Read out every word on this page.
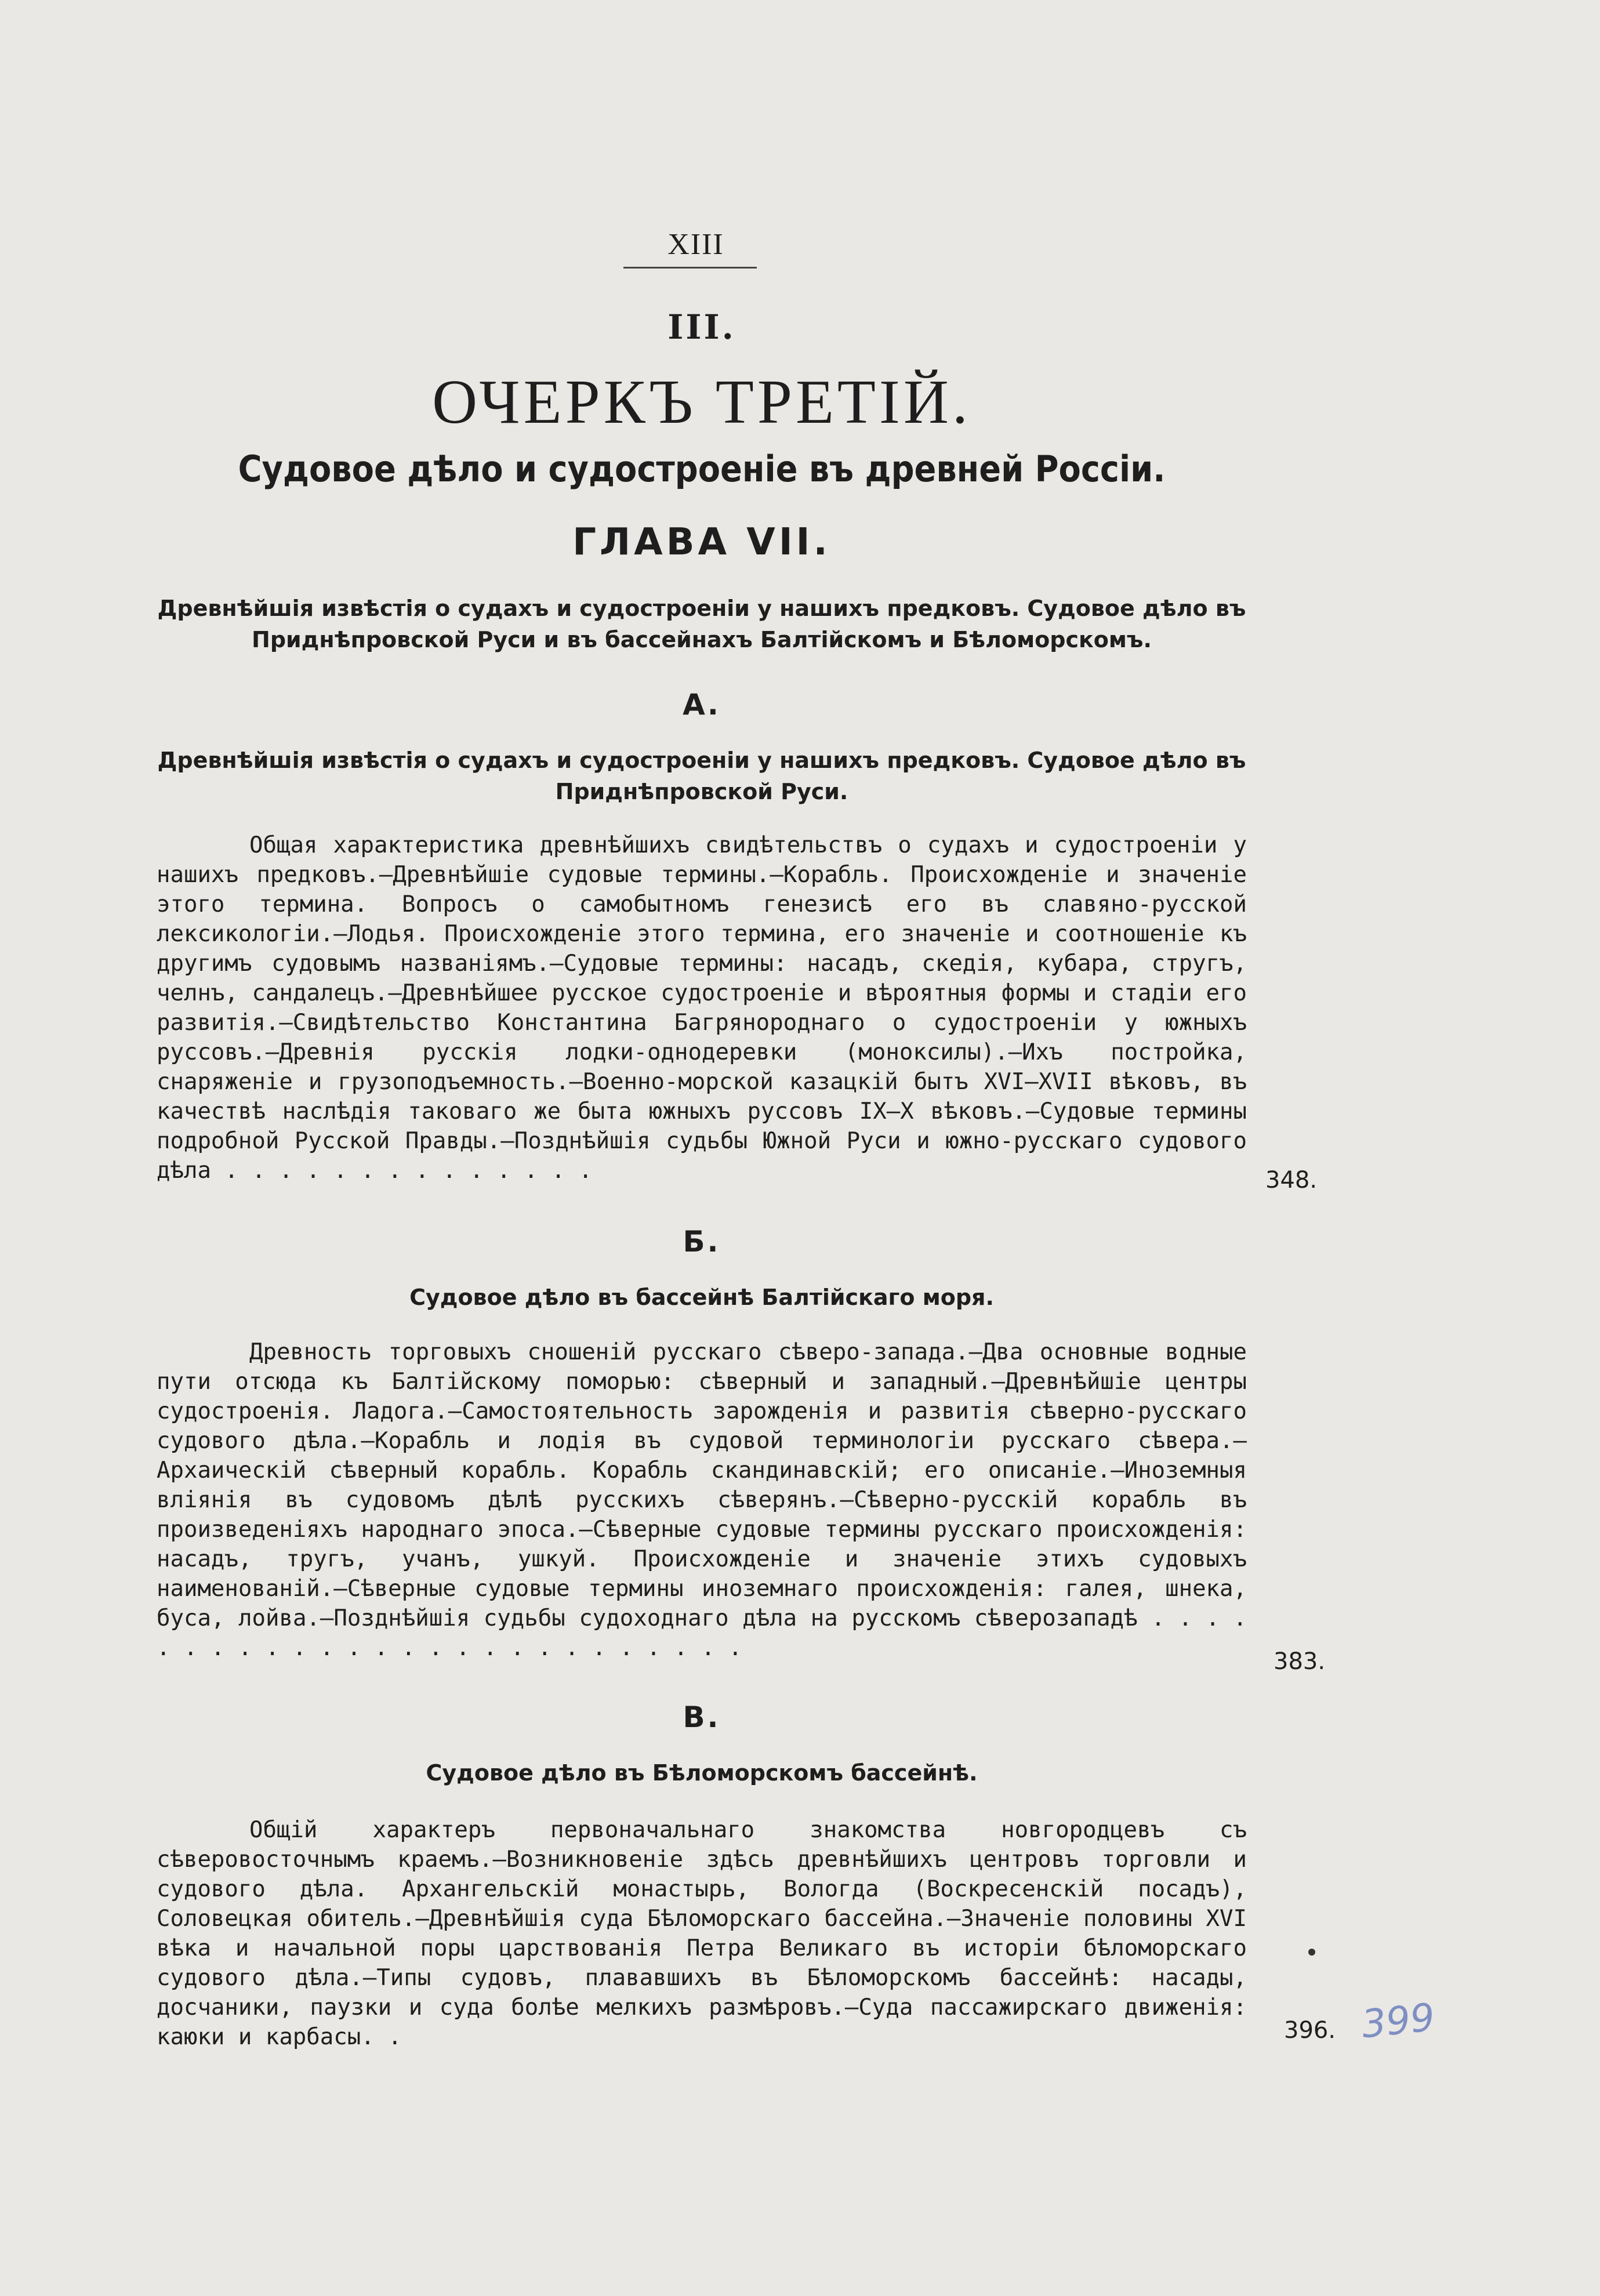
XIII
III.
ОЧЕРКЪ ТРЕТІЙ.
Судовое дѣло и судостроеніе въ древней Россіи.
ГЛАВА VII.
Древнѣйшія извѣстія о судахъ и судостроеніи у нашихъ предковъ. Судовое дѣло въ Приднѣпровской Руси и въ бассейнахъ Балтійскомъ и Бѣломорскомъ.
А.
Древнѣйшія извѣстія о судахъ и судостроеніи у нашихъ предковъ. Судовое дѣло въ Приднѣпровской Руси.
Общая характеристика древнѣйшихъ свидѣтельствъ о судахъ и судостроеніи у нашихъ предковъ.—Древнѣйшіе судовые термины.—Корабль. Происхожденіе и значеніе этого термина. Вопросъ о самобытномъ генезисѣ его въ славяно-русской лексикологіи.—Лодья. Происхожденіе этого термина, его значеніе и соотношеніе къ другимъ судовымъ названіямъ.—Судовые термины: насадъ, скедія, кубара, стругъ, челнъ, сандалецъ.—Древнѣйшее русское судостроеніе и вѣроятныя формы и стадіи его развитія.—Свидѣтельство Константина Багрянороднаго о судостроеніи у южныхъ руссовъ.—Древнія русскія лодки-однодеревки (моноксилы).—Ихъ постройка, снаряженіе и грузоподъемность.—Военно-морской казацкій бытъ XVI—XVII вѣковъ, въ качествѣ наслѣдія таковаго же быта южныхъ руссовъ IX—X вѣковъ.—Судовые термины подробной Русской Правды.—Позднѣйшія судьбы Южной Руси и южно-русскаго судового дѣла . . . . . . . . . . . . . .	348.
Б.
Судовое дѣло въ бассейнѣ Балтійскаго моря.
Древность торговыхъ сношеній русскаго сѣверо-запада.—Два основные водные пути отсюда къ Балтійскому поморью: сѣверный и западный.—Древнѣйшіе центры судостроенія. Ладога.—Самостоятельность зарожденія и развитія сѣверно-русскаго судового дѣла.—Корабль и лодія въ судовой терминологіи русскаго сѣвера.—Архаическій сѣверный корабль. Корабль скандинавскій; его описаніе.—Иноземныя вліянія въ судовомъ дѣлѣ русскихъ сѣверянъ.—Сѣверно-русскій корабль въ произведеніяхъ народнаго эпоса.—Сѣверные судовые термины русскаго происхожденія: насадъ, тругъ, учанъ, ушкуй. Происхожденіе и значеніе этихъ судовыхъ наименованій.—Сѣверные судовые термины иноземнаго происхожденія: галея, шнека, буса, лойва.—Позднѣйшія судьбы судоходнаго дѣла на русскомъ сѣверозападѣ . . . . . . . . . . . . . . . . . . . . . . . . . .
383.
В.
Судовое дѣло въ Бѣломорскомъ бассейнѣ.
Общій характеръ первоначальнаго знакомства новгородцевъ съ сѣверовосточнымъ краемъ.—Возникновеніе здѣсь древнѣйшихъ центровъ торговли и судового дѣла. Архангельскій монастырь, Вологда (Воскресенскій посадъ), Соловецкая обитель.—Древнѣйшія суда Бѣломорскаго бассейна.—Значеніе половины XVI вѣка и начальной поры царствованія Петра Великаго въ исторіи бѣломорскаго судового дѣла.—Типы судовъ, плававшихъ въ Бѣломорскомъ бассейнѣ: насады, досчаники, паузки и суда болѣе мелкихъ размѣровъ.—Суда пассажирскаго движенія: каюки и карбасы. .	396. 399
